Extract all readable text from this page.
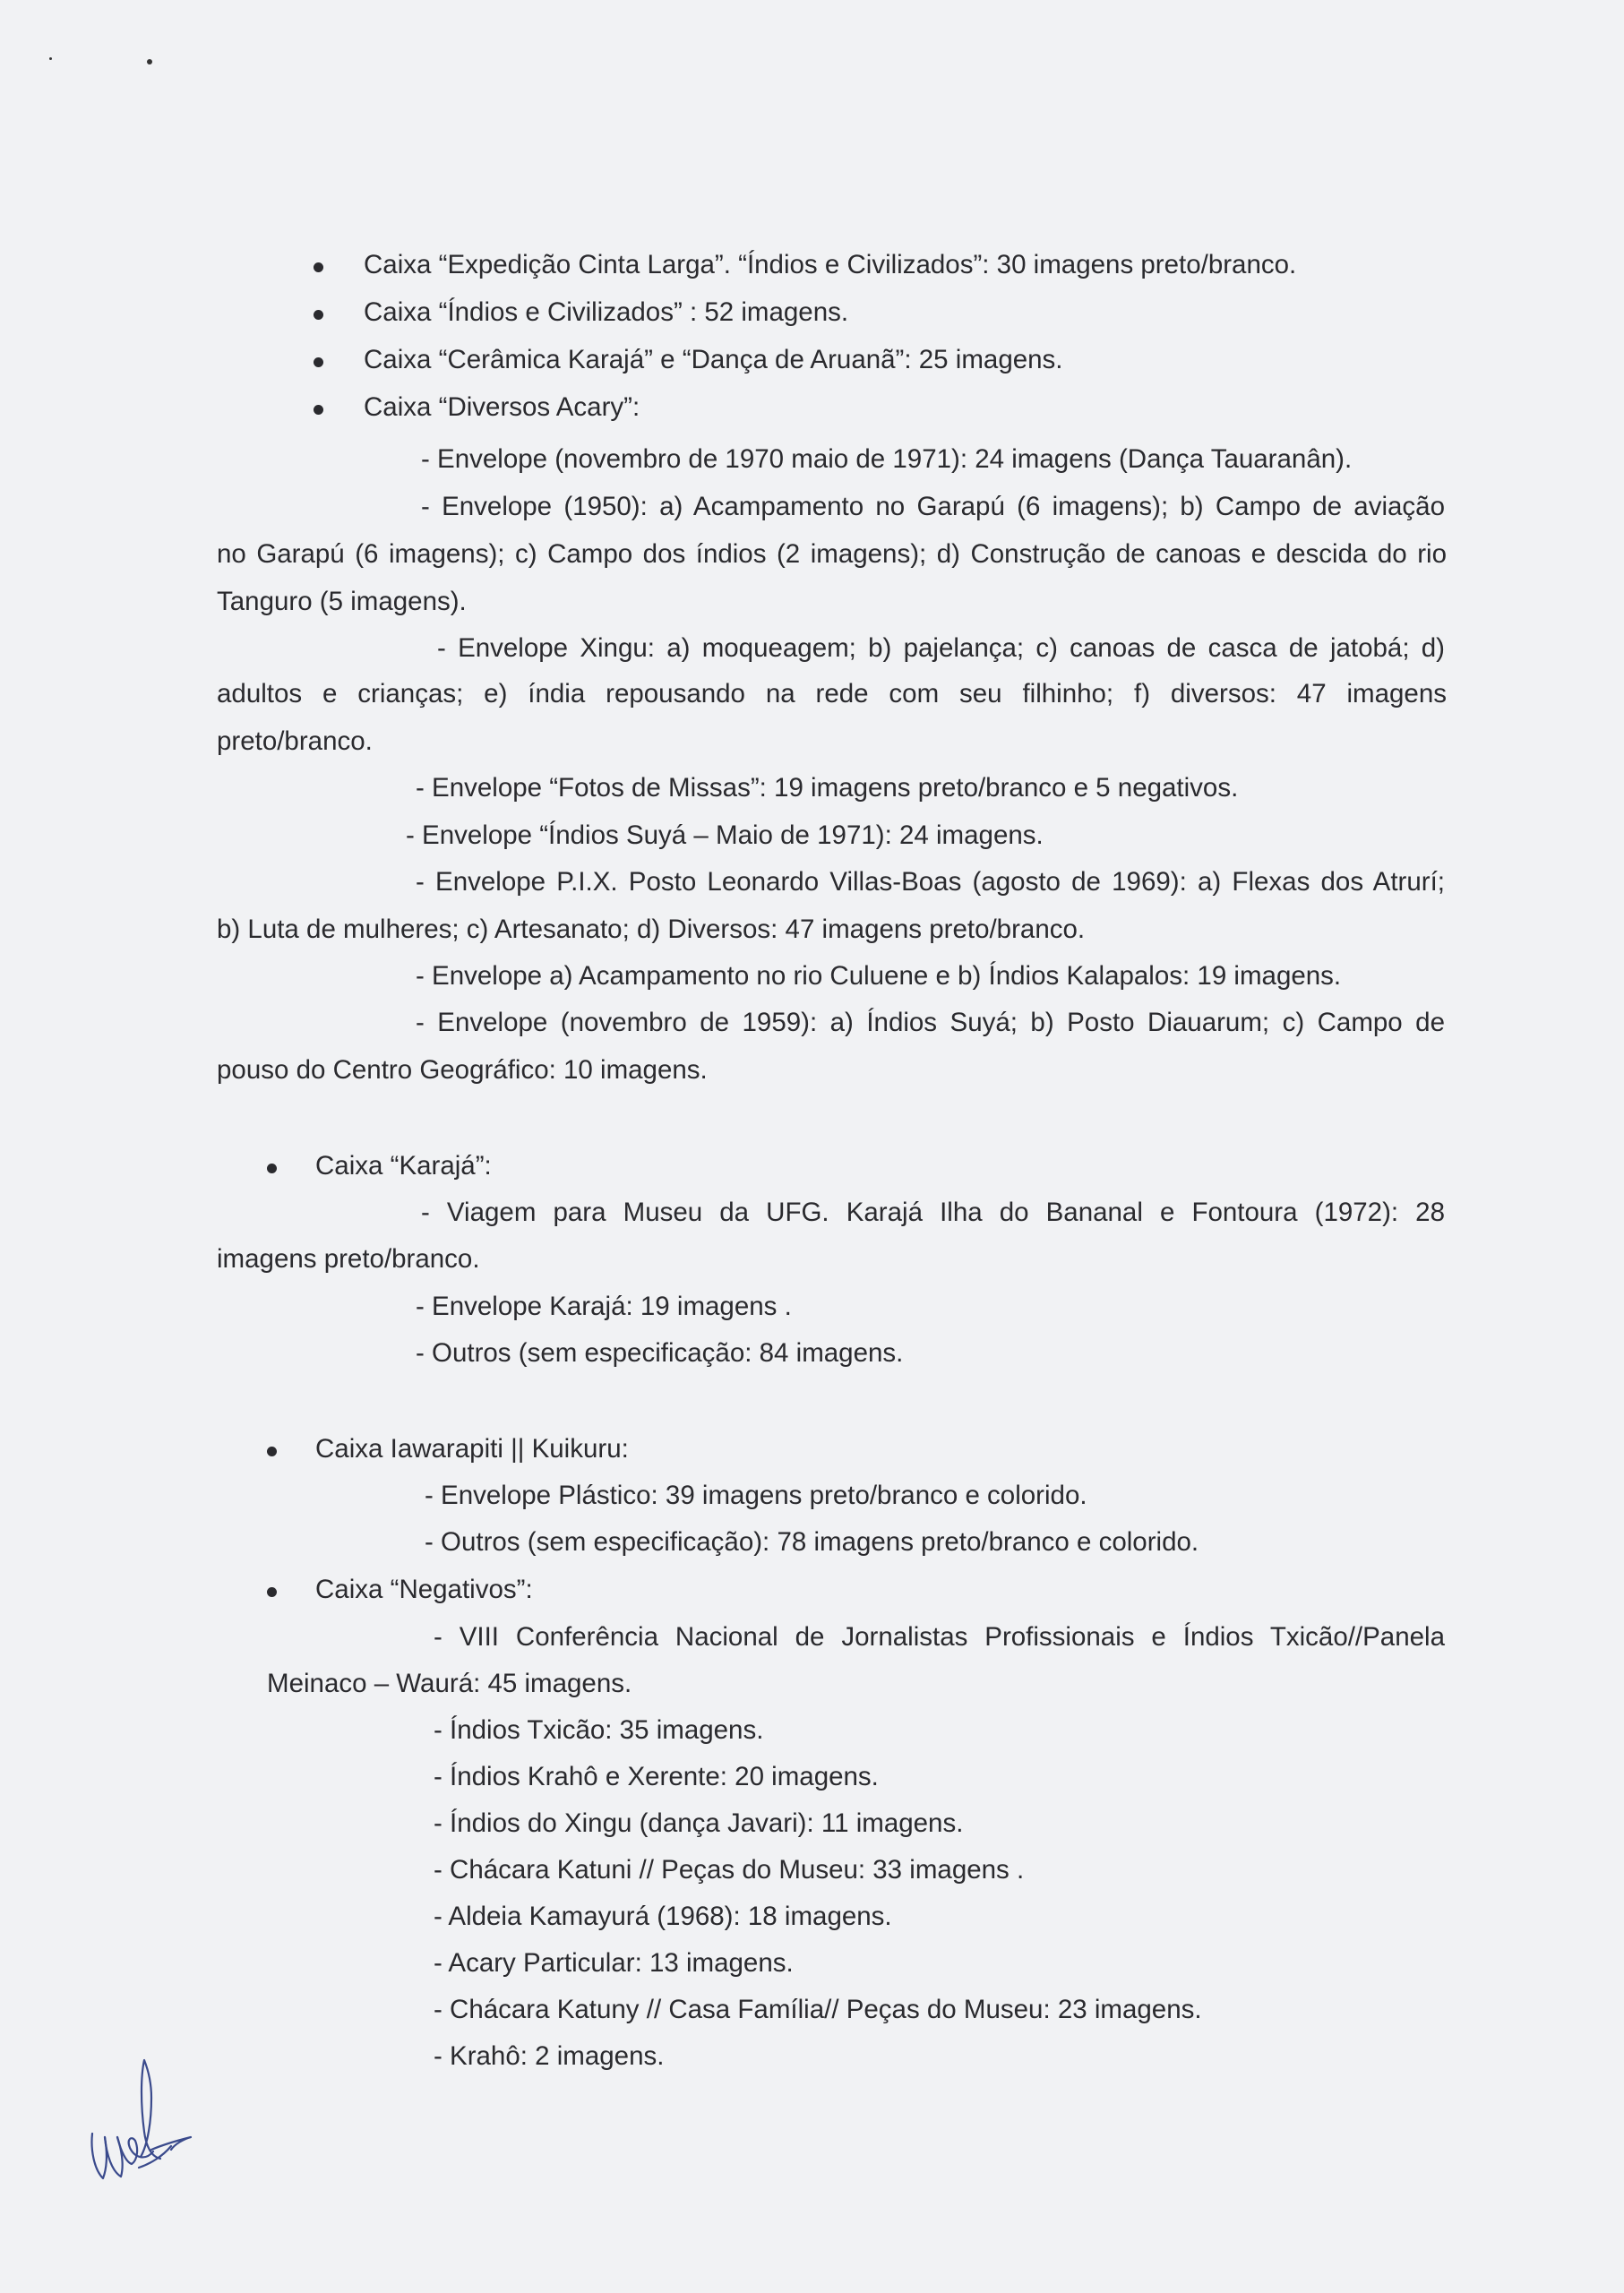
Caixa “Expedição Cinta Larga”. “Índios e Civilizados”: 30 imagens preto/branco.
Caixa “Índios e Civilizados” : 52 imagens.
Caixa “Cerâmica Karajá” e “Dança de Aruanã”: 25 imagens.
Caixa “Diversos Acary”:
- Envelope (novembro de 1970 maio de 1971): 24 imagens (Dança Tauaranân).
- Envelope (1950): a) Acampamento no Garapú (6 imagens); b) Campo de aviação
no Garapú (6 imagens); c) Campo dos índios (2 imagens); d) Construção de canoas e descida do rio
Tanguro (5 imagens).
- Envelope Xingu: a) moqueagem; b) pajelança; c) canoas de casca de jatobá; d)
adultos e crianças; e) índia repousando na rede com seu filhinho; f) diversos: 47 imagens
preto/branco.
- Envelope “Fotos de Missas”: 19 imagens preto/branco e 5 negativos.
- Envelope “Índios Suyá – Maio de 1971): 24 imagens.
- Envelope P.I.X. Posto Leonardo Villas-Boas (agosto de 1969): a) Flexas dos Atrurí;
b) Luta de mulheres; c) Artesanato; d) Diversos: 47 imagens preto/branco.
- Envelope a) Acampamento no rio Culuene e b) Índios Kalapalos: 19 imagens.
- Envelope (novembro de 1959): a) Índios Suyá; b) Posto Diauarum; c) Campo de
pouso do Centro Geográfico: 10 imagens.
Caixa “Karajá”:
- Viagem para Museu da UFG. Karajá Ilha do Bananal e Fontoura (1972): 28
imagens preto/branco.
- Envelope Karajá: 19 imagens .
- Outros (sem especificação: 84 imagens.
Caixa Iawarapiti || Kuikuru:
- Envelope Plástico: 39 imagens preto/branco e colorido.
- Outros (sem especificação): 78 imagens preto/branco e colorido.
Caixa “Negativos”:
- VIII Conferência Nacional de Jornalistas Profissionais e Índios Txicão//Panela
Meinaco – Waurá: 45 imagens.
- Índios Txicão: 35 imagens.
- Índios Krahô e Xerente: 20 imagens.
- Índios do Xingu (dança Javari): 11 imagens.
- Chácara Katuni // Peças do Museu: 33 imagens .
- Aldeia Kamayurá (1968): 18 imagens.
- Acary Particular: 13 imagens.
- Chácara Katuny // Casa Família// Peças do Museu: 23 imagens.
- Krahô: 2 imagens.
